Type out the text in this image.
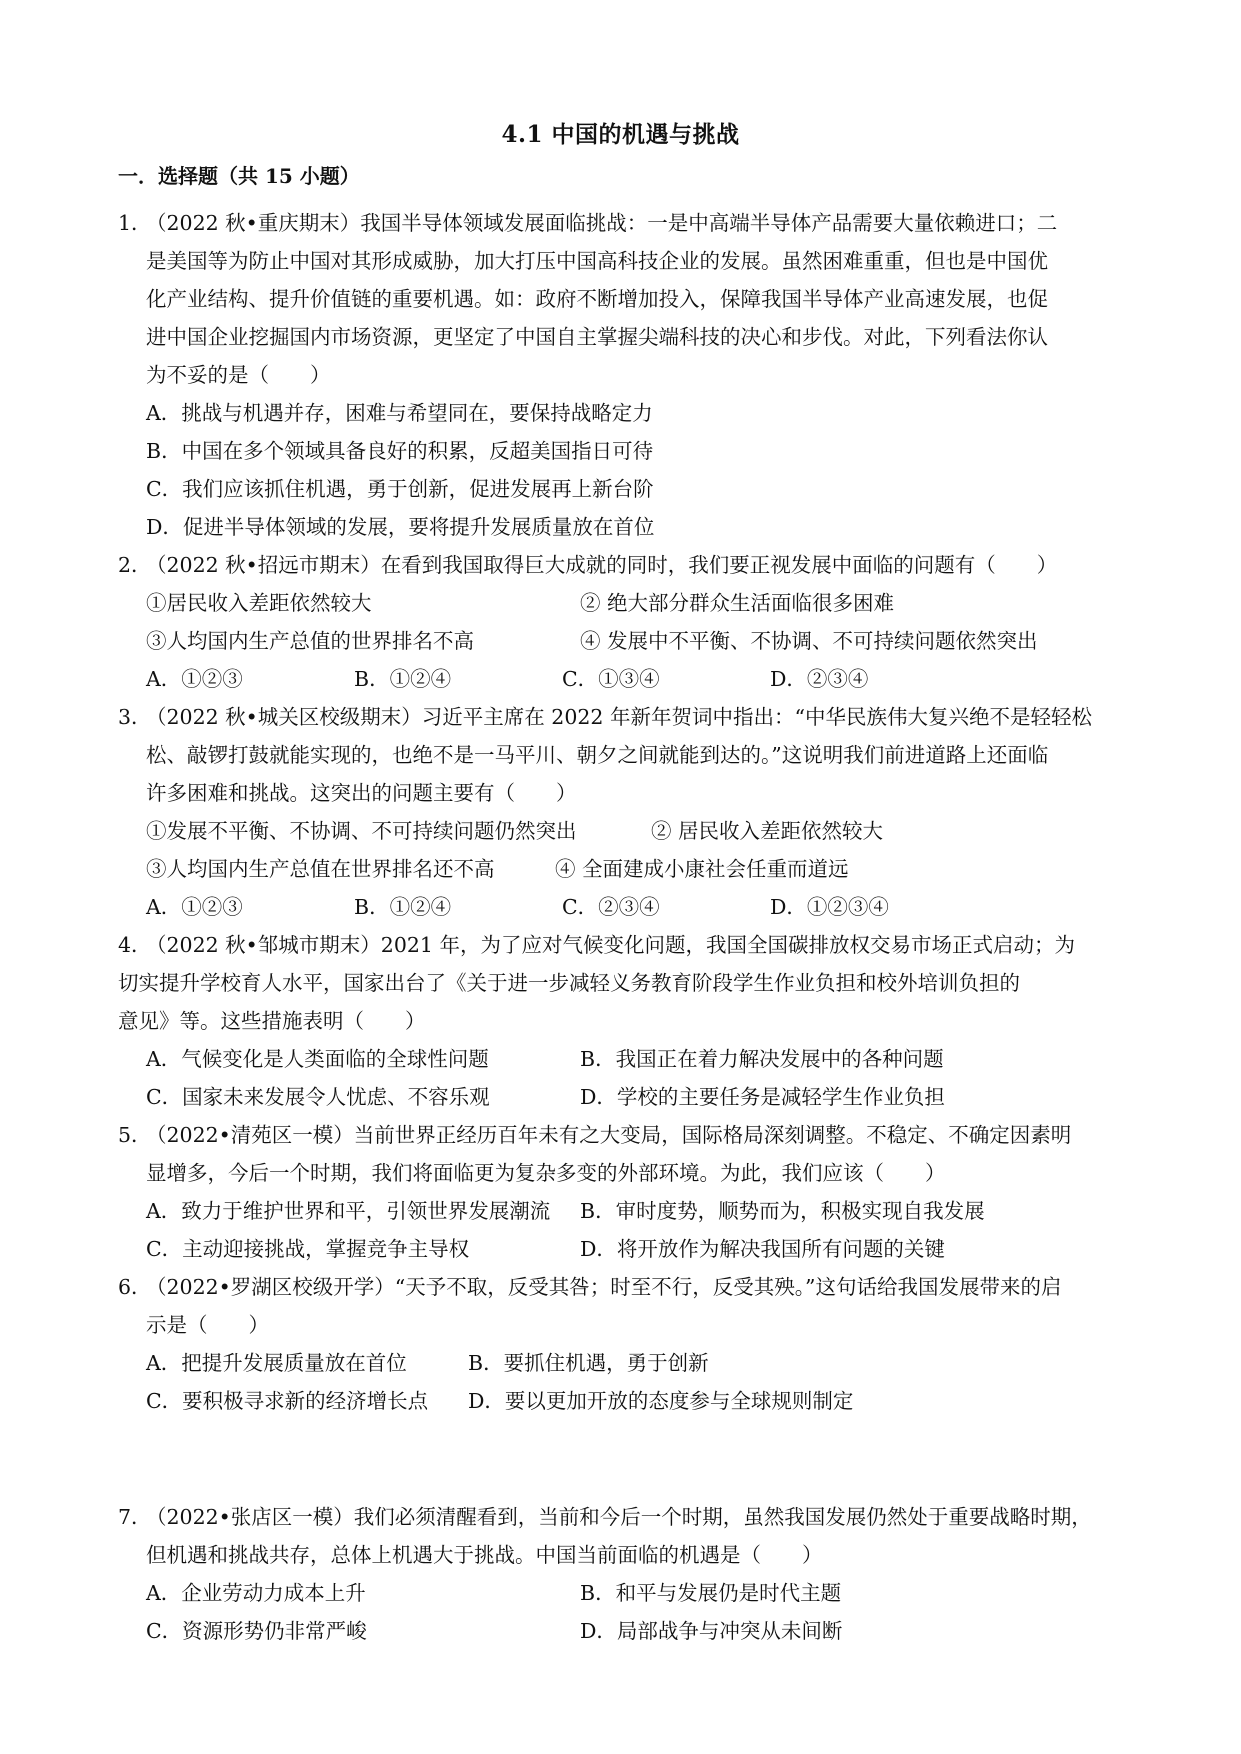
4.1 中国的机遇与挑战
一．选择题（共 15 小题）
1．（2022 秋•重庆期末）我国半导体领域发展面临挑战：一是中高端半导体产品需要大量依赖进口；二
是美国等为防止中国对其形成威胁，加大打压中国高科技企业的发展。虽然困难重重，但也是中国优
化产业结构、提升价值链的重要机遇。如：政府不断增加投入，保障我国半导体产业高速发展，也促
进中国企业挖掘国内市场资源，更坚定了中国自主掌握尖端科技的决心和步伐。对此，下列看法你认
为不妥的是（　　）
A．挑战与机遇并存，困难与希望同在，要保持战略定力
B．中国在多个领域具备良好的积累，反超美国指日可待
C．我们应该抓住机遇，勇于创新，促进发展再上新台阶
D．促进半导体领域的发展，要将提升发展质量放在首位
2．（2022 秋•招远市期末）在看到我国取得巨大成就的同时，我们要正视发展中面临的问题有（　　）
①居民收入差距依然较大	② 绝大部分群众生活面临很多困难
③人均国内生产总值的世界排名不高	④ 发展中不平衡、不协调、不可持续问题依然突出
A．①②③	B．①②④	C．①③④	D．②③④
3．（2022 秋•城关区校级期末）习近平主席在 2022 年新年贺词中指出：“中华民族伟大复兴绝不是轻轻松
松、敲锣打鼓就能实现的，也绝不是一马平川、朝夕之间就能到达的。”这说明我们前进道路上还面临
许多困难和挑战。这突出的问题主要有（　　）
①发展不平衡、不协调、不可持续问题仍然突出	② 居民收入差距依然较大
③人均国内生产总值在世界排名还不高	④ 全面建成小康社会任重而道远
A．①②③	B．①②④	C．②③④	D．①②③④
4．（2022 秋•邹城市期末）2021 年，为了应对气候变化问题，我国全国碳排放权交易市场正式启动；为
切实提升学校育人水平，国家出台了《关于进一步减轻义务教育阶段学生作业负担和校外培训负担的
意见》等。这些措施表明（　　）
A．气候变化是人类面临的全球性问题	B．我国正在着力解决发展中的各种问题
C．国家未来发展令人忧虑、不容乐观	D．学校的主要任务是减轻学生作业负担
5．（2022•清苑区一模）当前世界正经历百年未有之大变局，国际格局深刻调整。不稳定、不确定因素明
显增多，今后一个时期，我们将面临更为复杂多变的外部环境。为此，我们应该（　　）
A．致力于维护世界和平，引领世界发展潮流	B．审时度势，顺势而为，积极实现自我发展
C．主动迎接挑战，掌握竞争主导权	D．将开放作为解决我国所有问题的关键
6．（2022•罗湖区校级开学）“天予不取，反受其咎；时至不行，反受其殃。”这句话给我国发展带来的启
示是（　　）
A．把提升发展质量放在首位	B．要抓住机遇，勇于创新
C．要积极寻求新的经济增长点	D．要以更加开放的态度参与全球规则制定
7．（2022•张店区一模）我们必须清醒看到，当前和今后一个时期，虽然我国发展仍然处于重要战略时期，
但机遇和挑战共存，总体上机遇大于挑战。中国当前面临的机遇是（　　）
A．企业劳动力成本上升	B．和平与发展仍是时代主题
C．资源形势仍非常严峻	D．局部战争与冲突从未间断
